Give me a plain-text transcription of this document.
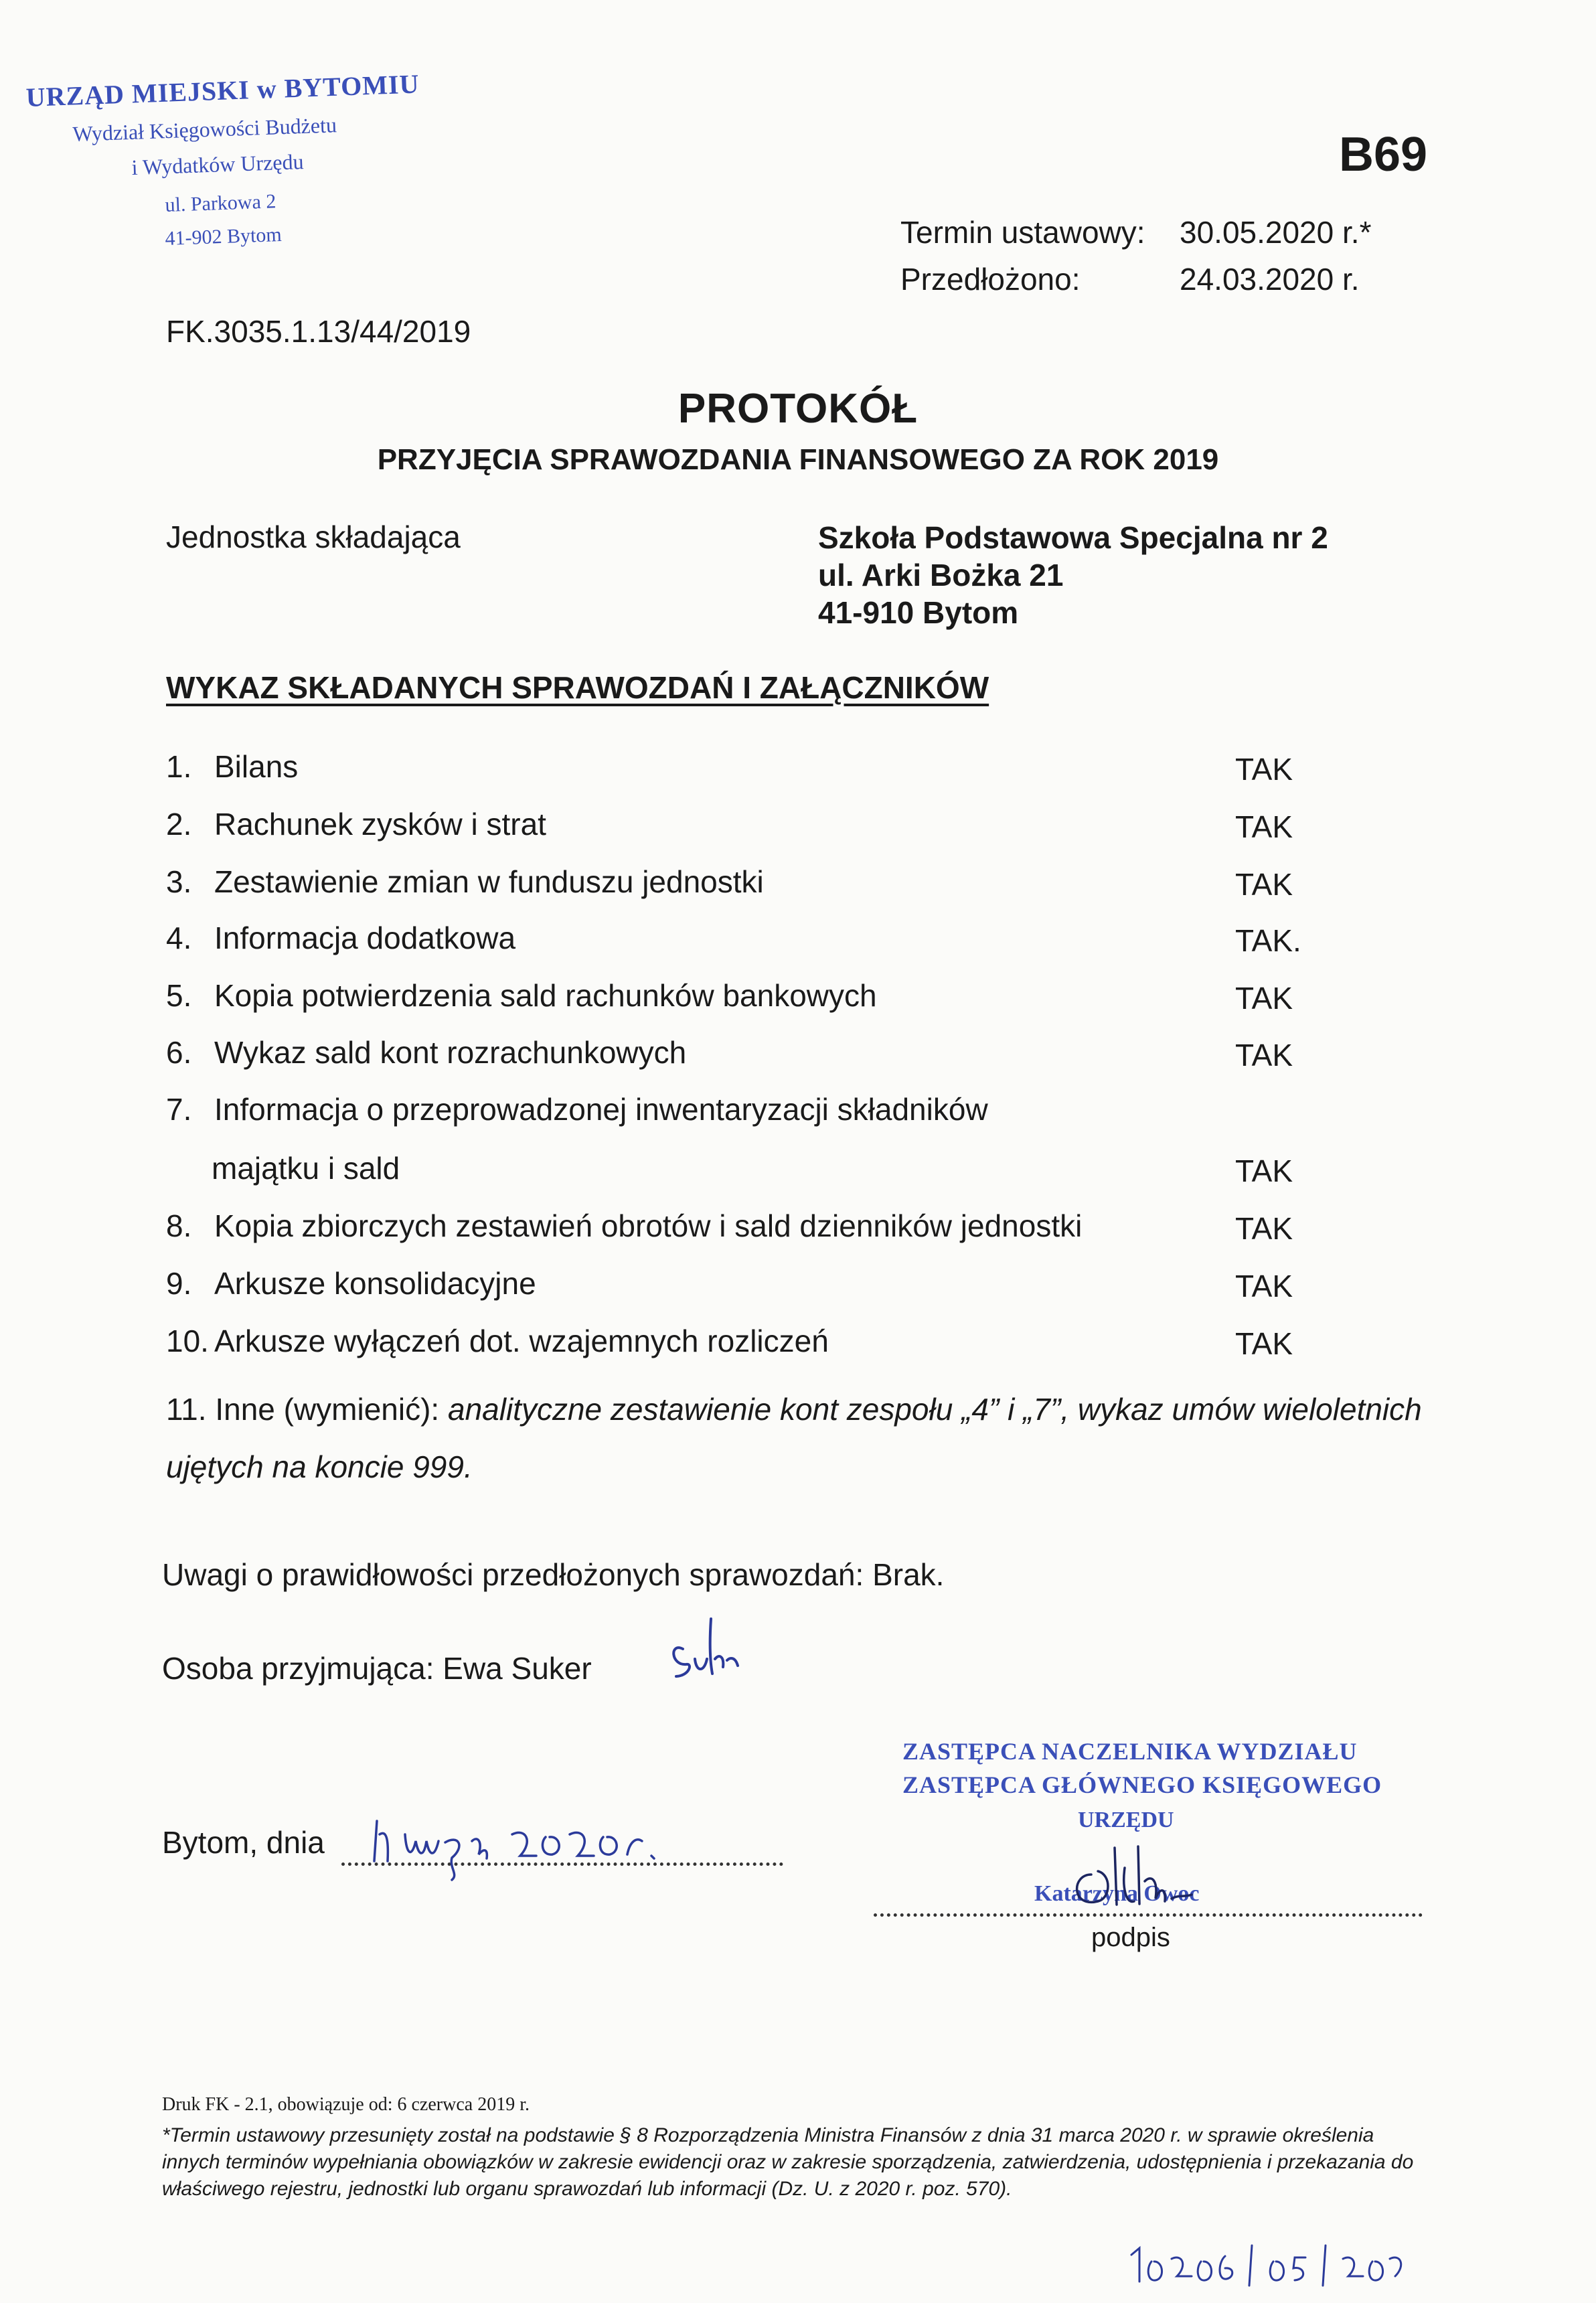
URZĄD MIEJSKI w BYTOMIU
Wydział Księgowości Budżetu
i Wydatków Urzędu
ul. Parkowa 2
41-902 Bytom
B69
Termin ustawowy: 30.05.2020 r.*
Przedłożono:	24.03.2020 r.
FK.3035.1.13/44/2019
PROTOKÓŁ
PRZYJĘCIA SPRAWOZDANIA FINANSOWEGO ZA ROK 2019
Jednostka składająca	Szkoła Podstawowa Specjalna nr 2
ul. Arki Bożka 21
41-910 Bytom
WYKAZ SKŁADANYCH SPRAWOZDAŃ I ZAŁĄCZNIKÓW
1. Bilans	TAK
2. Rachunek zysków i strat	TAK
3. Zestawienie zmian w funduszu jednostki	TAK
4. Informacja dodatkowa	TAK.
5. Kopia potwierdzenia sald rachunków bankowych	TAK
6. Wykaz sald kont rozrachunkowych	TAK
7. Informacja o przeprowadzonej inwentaryzacji składników
majątku i sald	TAK
8. Kopia zbiorczych zestawień obrotów i sald dzienników jednostki	TAK
9. Arkusze konsolidacyjne	TAK
10. Arkusze wyłączeń dot. wzajemnych rozliczeń	TAK
11. Inne (wymienić): analityczne zestawienie kont zespołu „4” i „7”, wykaz umów wieloletnich ujętych na koncie 999.
Uwagi o prawidłowości przedłożonych sprawozdań: Brak.
Osoba przyjmująca: Ewa Suker
Bytom, dnia
ZASTĘPCA NACZELNIKA WYDZIAŁU
ZASTĘPCA GŁÓWNEGO KSIĘGOWEGO
URZĘDU
Katarzyna Owoc
podpis
Druk FK - 2.1, obowiązuje od: 6 czerwca 2019 r.
*Termin ustawowy przesunięty został na podstawie § 8 Rozporządzenia Ministra Finansów z dnia 31 marca 2020 r. w sprawie określenia innych terminów wypełniania obowiązków w zakresie ewidencji oraz w zakresie sporządzenia, zatwierdzenia, udostępnienia i przekazania do właściwego rejestru, jednostki lub organu sprawozdań lub informacji (Dz. U. z 2020 r. poz. 570).
